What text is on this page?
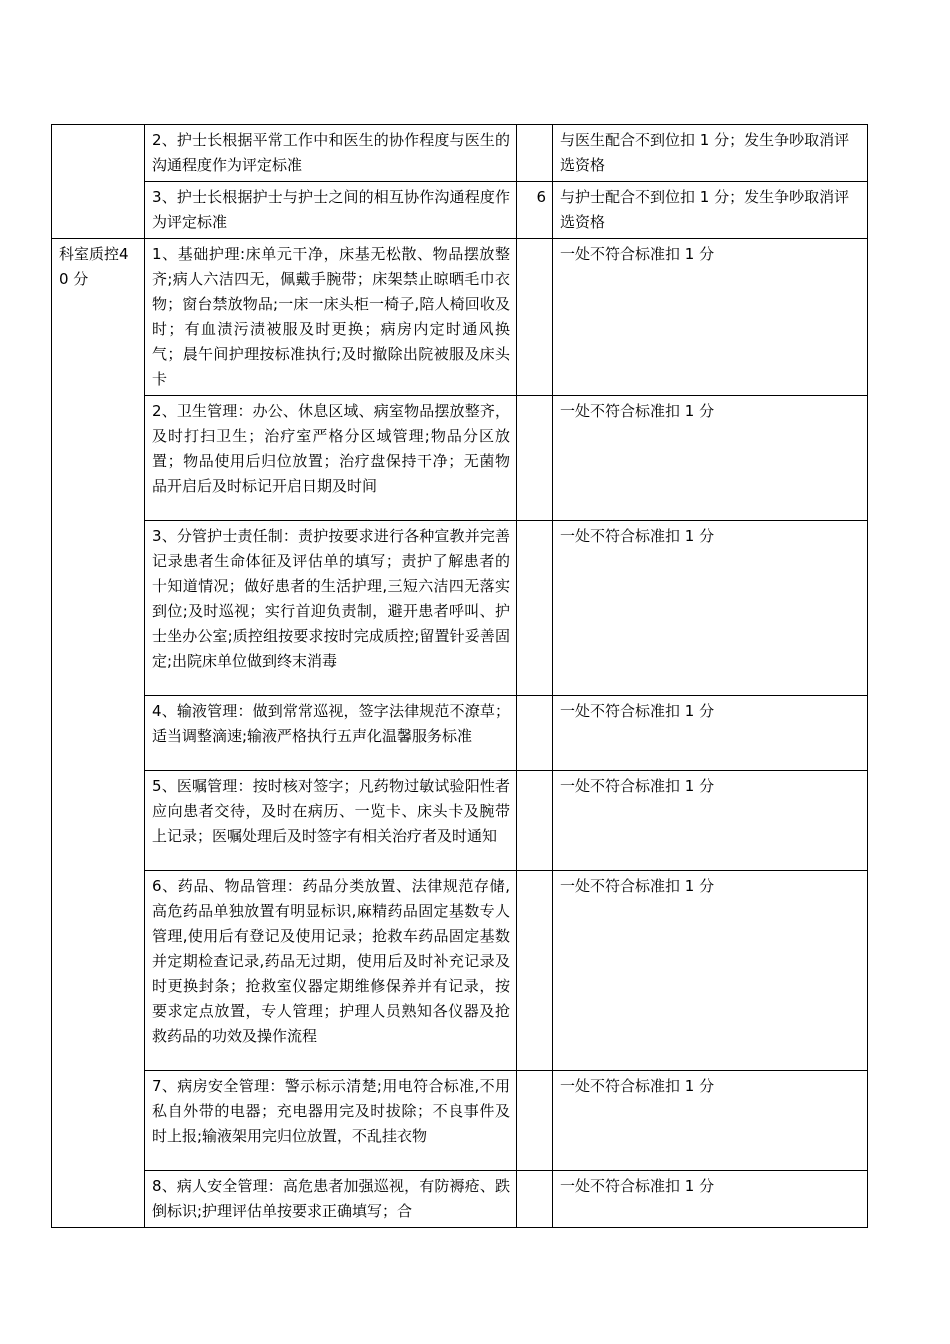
	2、护士长根据平常工作中和医生的协作程度与医生的沟通程度作为评定标准		与医生配合不到位扣 1 分；发生争吵取消评选资格
	3、护士长根据护士与护士之间的相互协作沟通程度作为评定标准	6	与护士配合不到位扣 1 分；发生争吵取消评选资格
科室质控40 分	1、基础护理:床单元干净，床基无松散、物品摆放整齐;病人六洁四无，佩戴手腕带；床架禁止晾晒毛巾衣物；窗台禁放物品;一床一床头柜一椅子,陪人椅回收及时；有血渍污渍被服及时更换；病房内定时通风换气；晨午间护理按标准执行;及时撤除出院被服及床头卡		一处不符合标准扣 1 分
	2、卫生管理：办公、休息区域、病室物品摆放整齐，及时打扫卫生；治疗室严格分区域管理;物品分区放置；物品使用后归位放置；治疗盘保持干净；无菌物品开启后及时标记开启日期及时间		一处不符合标准扣 1 分
	3、分管护士责任制：责护按要求进行各种宣教并完善记录患者生命体征及评估单的填写；责护了解患者的十知道情况；做好患者的生活护理,三短六洁四无落实到位;及时巡视；实行首迎负责制，避开患者呼叫、护士坐办公室;质控组按要求按时完成质控;留置针妥善固定;出院床单位做到终末消毒		一处不符合标准扣 1 分
	4、输液管理：做到常常巡视，签字法律规范不潦草；适当调整滴速;输液严格执行五声化温馨服务标准		一处不符合标准扣 1 分
	5、医嘱管理：按时核对签字；凡药物过敏试验阳性者应向患者交待，及时在病历、一览卡、床头卡及腕带上记录；医嘱处理后及时签字有相关治疗者及时通知		一处不符合标准扣 1 分
	6、药品、物品管理：药品分类放置、法律规范存储,高危药品单独放置有明显标识,麻精药品固定基数专人管理,使用后有登记及使用记录；抢救车药品固定基数并定期检查记录,药品无过期，使用后及时补充记录及时更换封条；抢救室仪器定期维修保养并有记录，按要求定点放置，专人管理；护理人员熟知各仪器及抢救药品的功效及操作流程		一处不符合标准扣 1 分
	7、病房安全管理：警示标示清楚;用电符合标准,不用私自外带的电器；充电器用完及时拔除；不良事件及时上报;输液架用完归位放置，不乱挂衣物		一处不符合标准扣 1 分
	8、病人安全管理：高危患者加强巡视，有防褥疮、跌倒标识;护理评估单按要求正确填写；合		一处不符合标准扣 1 分
